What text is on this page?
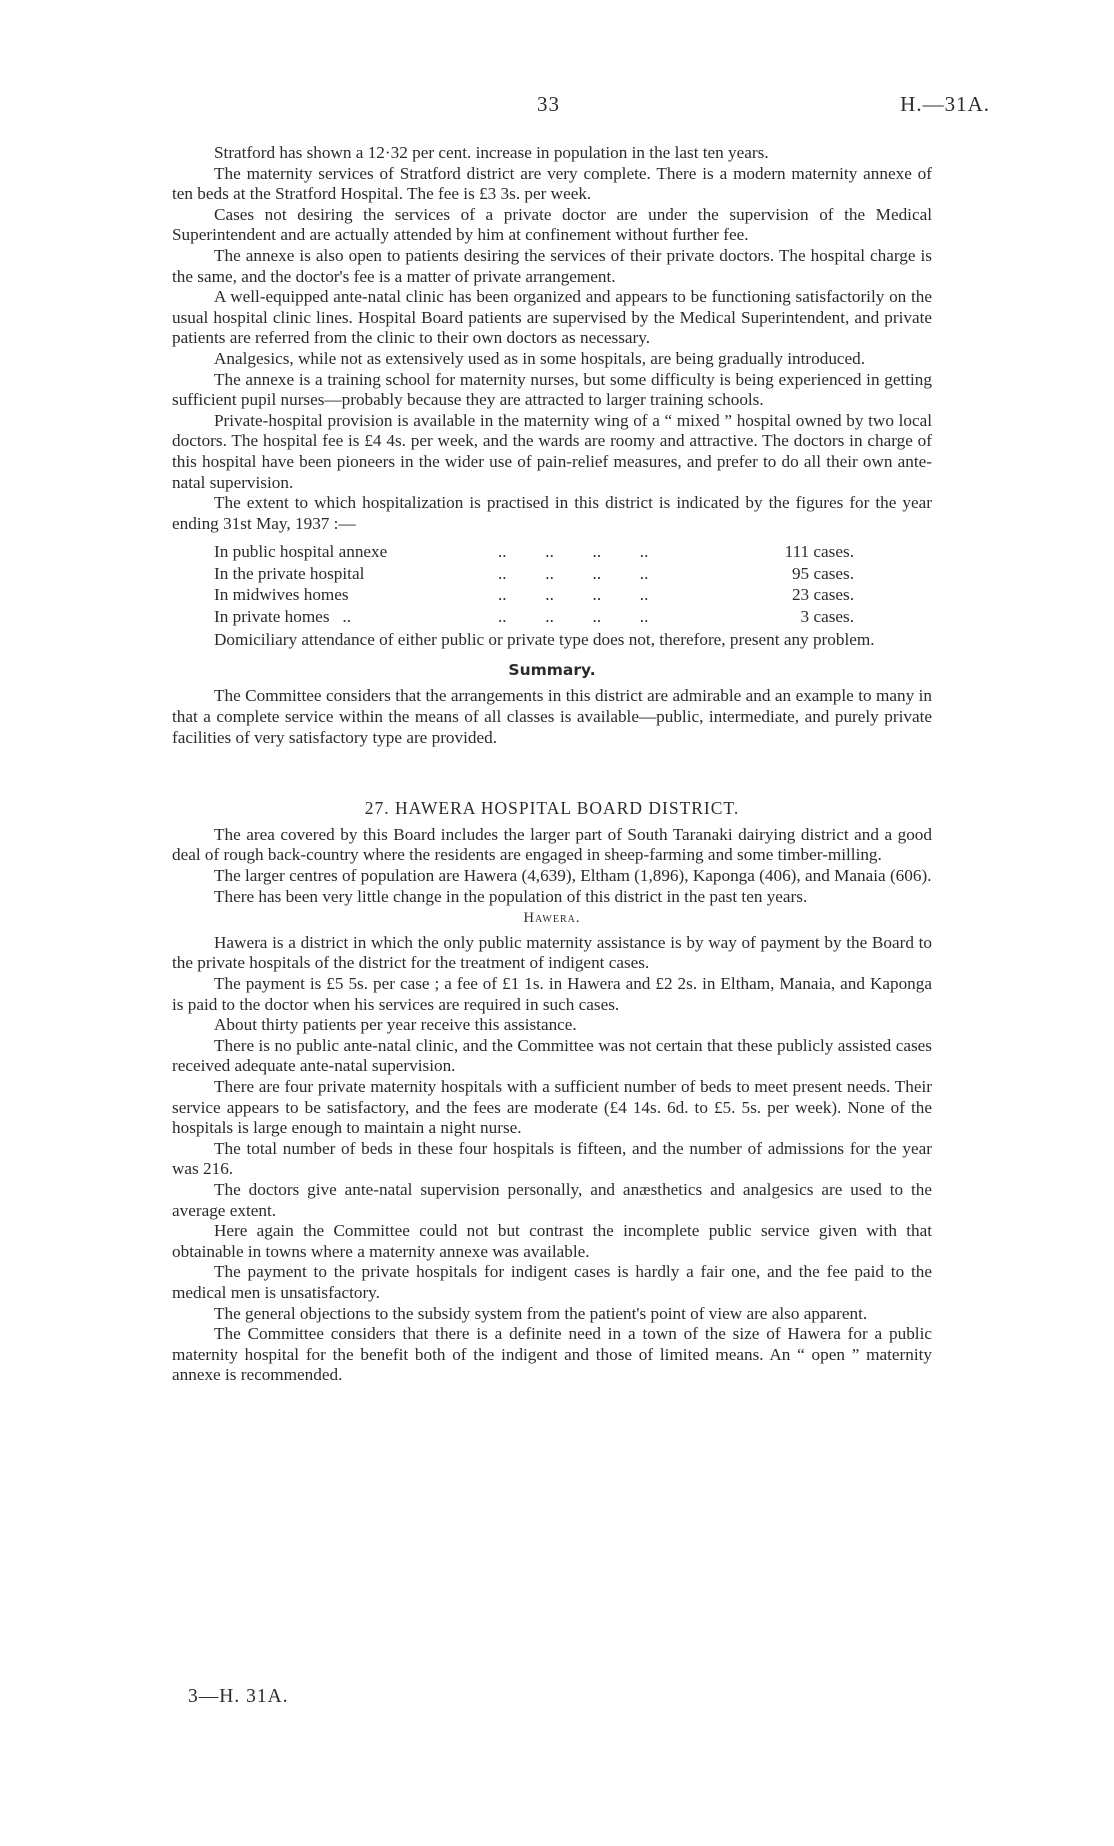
33	H.—31A.

Stratford has shown a 12·32 per cent. increase in population in the last ten years.

The maternity services of Stratford district are very complete. There is a modern maternity annexe of ten beds at the Stratford Hospital. The fee is £3 3s. per week.

Cases not desiring the services of a private doctor are under the supervision of the Medical Superintendent and are actually attended by him at confinement without further fee.

The annexe is also open to patients desiring the services of their private doctors. The hospital charge is the same, and the doctor's fee is a matter of private arrangement.

A well-equipped ante-natal clinic has been organized and appears to be functioning satisfactorily on the usual hospital clinic lines. Hospital Board patients are supervised by the Medical Superintendent, and private patients are referred from the clinic to their own doctors as necessary.

Analgesics, while not as extensively used as in some hospitals, are being gradually introduced.

The annexe is a training school for maternity nurses, but some difficulty is being experienced in getting sufficient pupil nurses—probably because they are attracted to larger training schools.

Private-hospital provision is available in the maternity wing of a “ mixed ” hospital owned by two local doctors. The hospital fee is £4 4s. per week, and the wards are roomy and attractive. The doctors in charge of this hospital have been pioneers in the wider use of pain-relief measures, and prefer to do all their own ante-natal supervision.

The extent to which hospitalization is practised in this district is indicated by the figures for the year ending 31st May, 1937 :—

In public hospital annexe	..         ..         ..         ..	111 cases.
In the private hospital	..         ..         ..         ..	95 cases.
In midwives homes	..         ..         ..         ..	23 cases.
In private homes   ..	..         ..         ..         ..	3 cases.

Domiciliary attendance of either public or private type does not, therefore, present any problem.

Summary.

The Committee considers that the arrangements in this district are admirable and an example to many in that a complete service within the means of all classes is available—public, intermediate, and purely private facilities of very satisfactory type are provided.

27. HAWERA HOSPITAL BOARD DISTRICT.

The area covered by this Board includes the larger part of South Taranaki dairying district and a good deal of rough back-country where the residents are engaged in sheep-farming and some timber-milling.

The larger centres of population are Hawera (4,639), Eltham (1,896), Kaponga (406), and Manaia (606).

There has been very little change in the population of this district in the past ten years.

Hawera.

Hawera is a district in which the only public maternity assistance is by way of payment by the Board to the private hospitals of the district for the treatment of indigent cases.

The payment is £5 5s. per case ; a fee of £1 1s. in Hawera and £2 2s. in Eltham, Manaia, and Kaponga is paid to the doctor when his services are required in such cases.

About thirty patients per year receive this assistance.

There is no public ante-natal clinic, and the Committee was not certain that these publicly assisted cases received adequate ante-natal supervision.

There are four private maternity hospitals with a sufficient number of beds to meet present needs. Their service appears to be satisfactory, and the fees are moderate (£4 14s. 6d. to £5. 5s. per week). None of the hospitals is large enough to maintain a night nurse.

The total number of beds in these four hospitals is fifteen, and the number of admissions for the year was 216.

The doctors give ante-natal supervision personally, and anæsthetics and analgesics are used to the average extent.

Here again the Committee could not but contrast the incomplete public service given with that obtainable in towns where a maternity annexe was available.

The payment to the private hospitals for indigent cases is hardly a fair one, and the fee paid to the medical men is unsatisfactory.

The general objections to the subsidy system from the patient's point of view are also apparent.

The Committee considers that there is a definite need in a town of the size of Hawera for a public maternity hospital for the benefit both of the indigent and those of limited means. An “ open ” maternity annexe is recommended.

3—H. 31A.
